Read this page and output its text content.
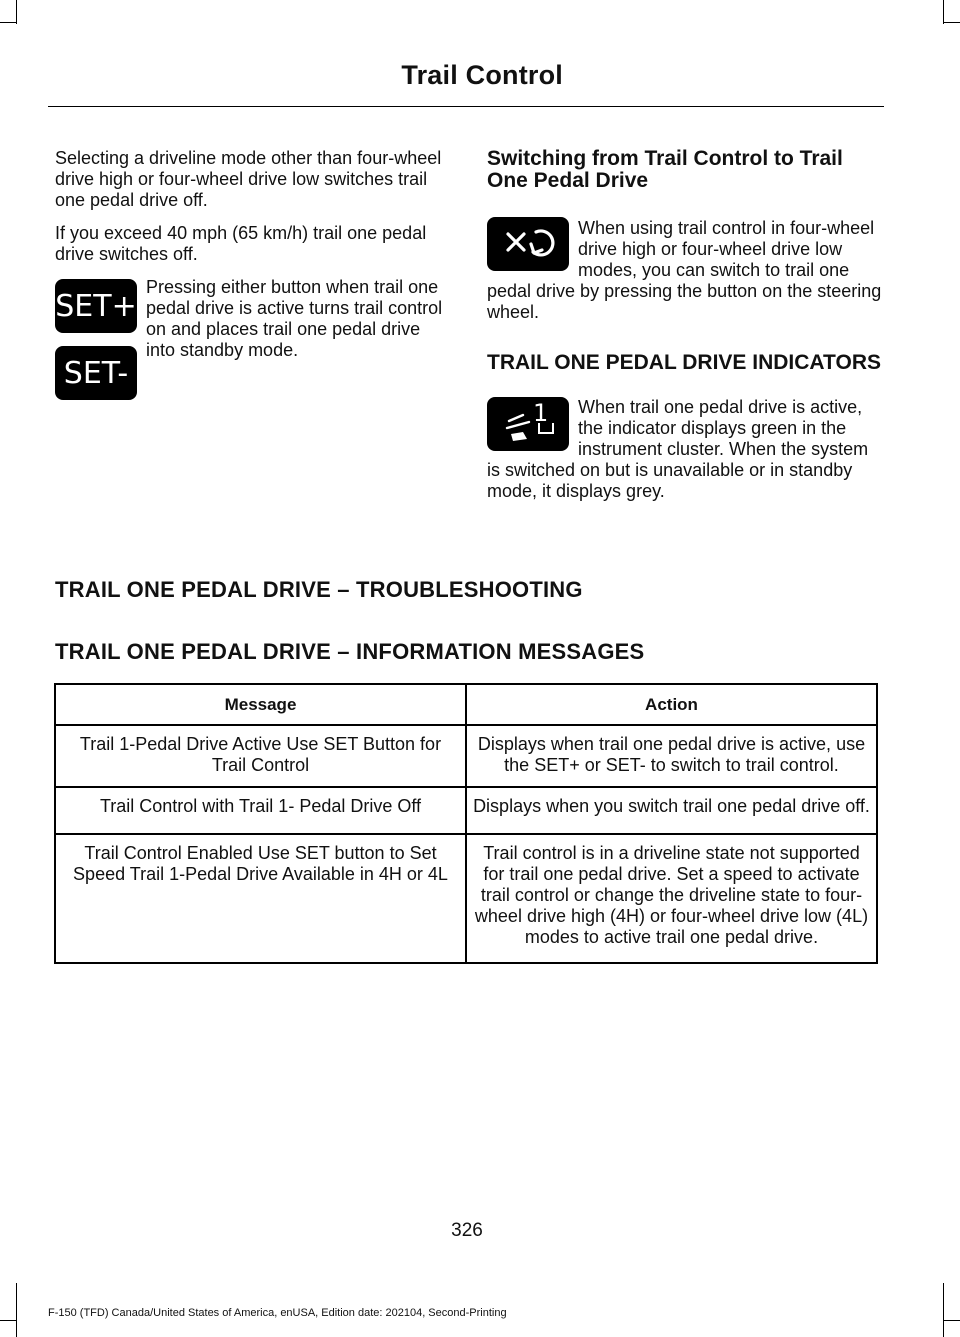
Trail Control

Selecting a driveline mode other than four-wheel drive high or four-wheel drive low switches trail one pedal drive off.

If you exceed 40 mph (65 km/h) trail one pedal drive switches off.

SET+
SET-

Pressing either button when trail one pedal drive is active turns trail control on and places trail one pedal drive into standby mode.

Switching from Trail Control to Trail One Pedal Drive

When using trail control in four-wheel drive high or four-wheel drive low modes, you can switch to trail one pedal drive by pressing the button on the steering wheel.

TRAIL ONE PEDAL DRIVE INDICATORS
1	When trail one pedal drive is active, the indicator displays green in the instrument cluster. When the system is switched on but is unavailable or in standby mode, it displays grey.

TRAIL ONE PEDAL DRIVE – TROUBLESHOOTING
TRAIL ONE PEDAL DRIVE – INFORMATION MESSAGES
Message	Action
Trail 1-Pedal Drive Active Use SET Button for Trail Control	Displays when trail one pedal drive is active, use the SET+ or SET- to switch to trail control.
Trail Control with Trail 1- Pedal Drive Off	Displays when you switch trail one pedal drive off.
Trail Control Enabled Use SET button to Set Speed Trail 1-Pedal Drive Available in 4H or 4L	Trail control is in a driveline state not supported for trail one pedal drive. Set a speed to activate trail control or change the driveline state to four-wheel drive high (4H) or four-wheel drive low (4L) modes to active trail one pedal drive.
326
F-150 (TFD) Canada/United States of America, enUSA, Edition date: 202104, Second-Printing
